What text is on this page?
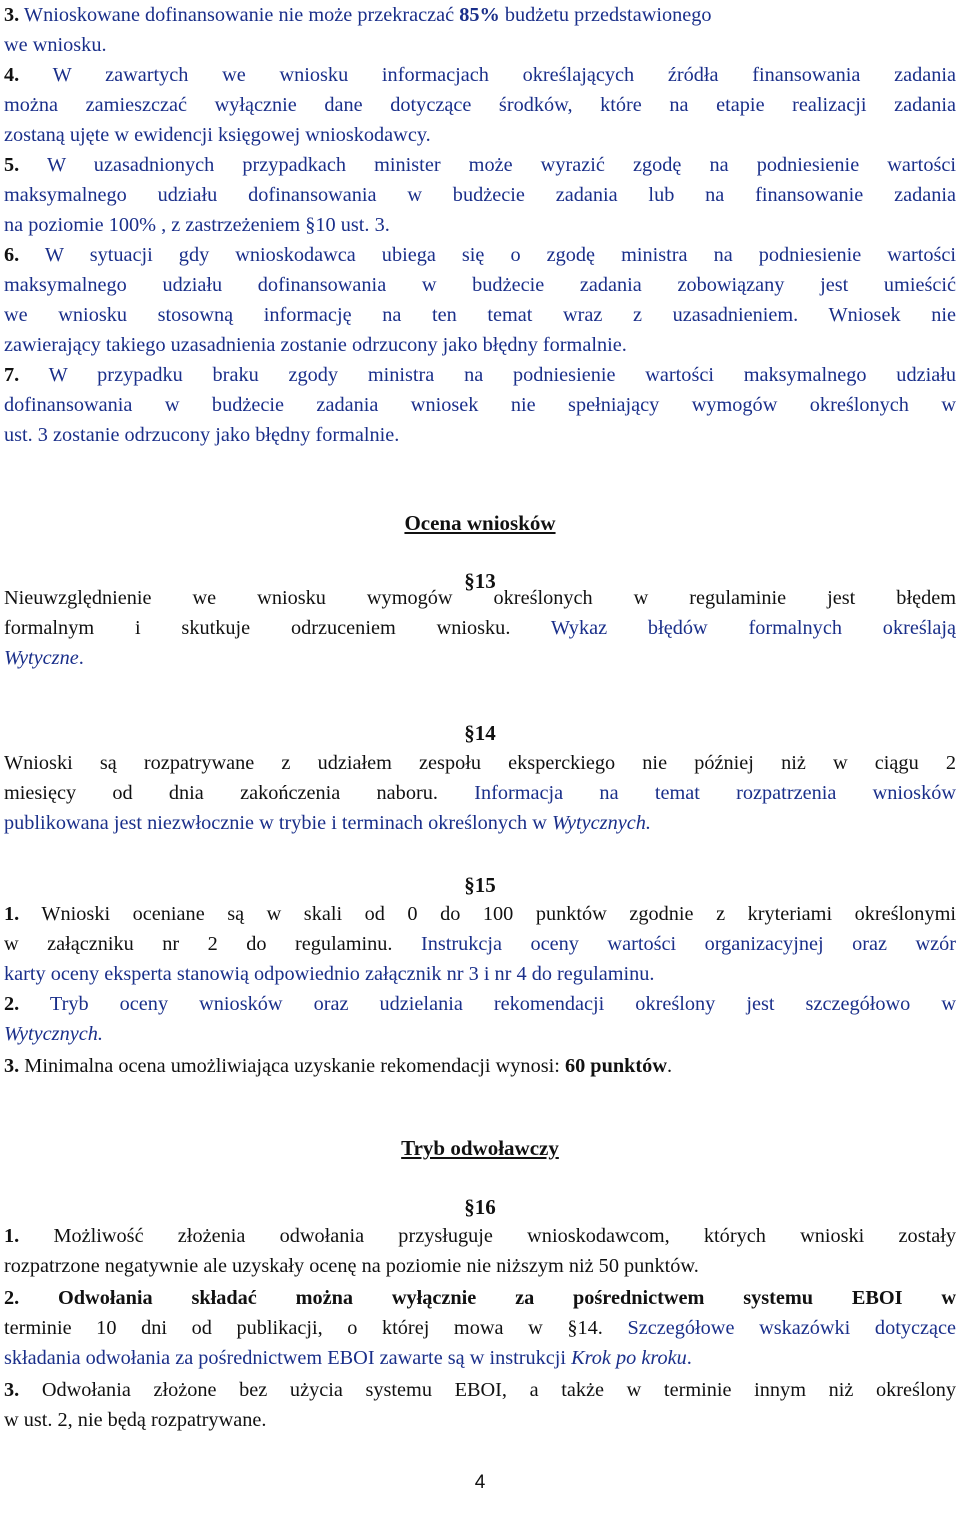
4
3. Wnioskowane dofinansowanie nie może przekraczać 85% budżetu przedstawionego
we wniosku.
4. W zawartych we wniosku informacjach określających źródła finansowania zadania
można zamieszczać wyłącznie dane dotyczące środków, które na etapie realizacji zadania
zostaną ujęte w ewidencji księgowej wnioskodawcy.
5. W uzasadnionych przypadkach minister może wyrazić zgodę na podniesienie wartości
maksymalnego udziału dofinansowania w budżecie zadania lub na finansowanie zadania
na poziomie 100% , z zastrzeżeniem §10 ust. 3.
6. W sytuacji gdy wnioskodawca ubiega się o zgodę ministra na podniesienie wartości
maksymalnego udziału dofinansowania w budżecie zadania zobowiązany jest umieścić
we wniosku stosowną informację na ten temat wraz z uzasadnieniem. Wniosek nie
zawierający takiego uzasadnienia zostanie odrzucony jako błędny formalnie.
7. W przypadku braku zgody ministra na podniesienie wartości maksymalnego udziału
dofinansowania w budżecie zadania wniosek nie spełniający wymogów określonych w
ust. 3 zostanie odrzucony jako błędny formalnie.
Nieuwzględnienie we wniosku wymogów określonych w regulaminie jest błędem
formalnym i skutkuje odrzuceniem wniosku. Wykaz błędów formalnych określają
Wytyczne.
Wnioski są rozpatrywane z udziałem zespołu eksperckiego nie później niż w ciągu 2
miesięcy od dnia zakończenia naboru. Informacja na temat rozpatrzenia wniosków
publikowana jest niezwłocznie w trybie i terminach określonych w Wytycznych.
1. Wnioski oceniane są w skali od 0 do 100 punktów zgodnie z kryteriami określonymi
w załączniku nr 2 do regulaminu. Instrukcja oceny wartości organizacyjnej oraz wzór
karty oceny eksperta stanowią odpowiednio załącznik nr 3 i nr 4 do regulaminu.
2. Tryb oceny wniosków oraz udzielania rekomendacji określony jest szczegółowo w
Wytycznych.
3. Minimalna ocena umożliwiająca uzyskanie rekomendacji wynosi: 60 punktów.
1. Możliwość złożenia odwołania przysługuje wnioskodawcom, których wnioski zostały
rozpatrzone negatywnie ale uzyskały ocenę na poziomie nie niższym niż 50 punktów.
2. Odwołania składać można wyłącznie za pośrednictwem systemu EBOI w
terminie 10 dni od publikacji, o której mowa w §14. Szczegółowe wskazówki dotyczące
składania odwołania za pośrednictwem EBOI zawarte są w instrukcji Krok po kroku.
3. Odwołania złożone bez użycia systemu EBOI, a także w terminie innym niż określony
w ust. 2, nie będą rozpatrywane.
Ocena wniosków
Tryb odwoławczy
§13
§14
§15
§16
